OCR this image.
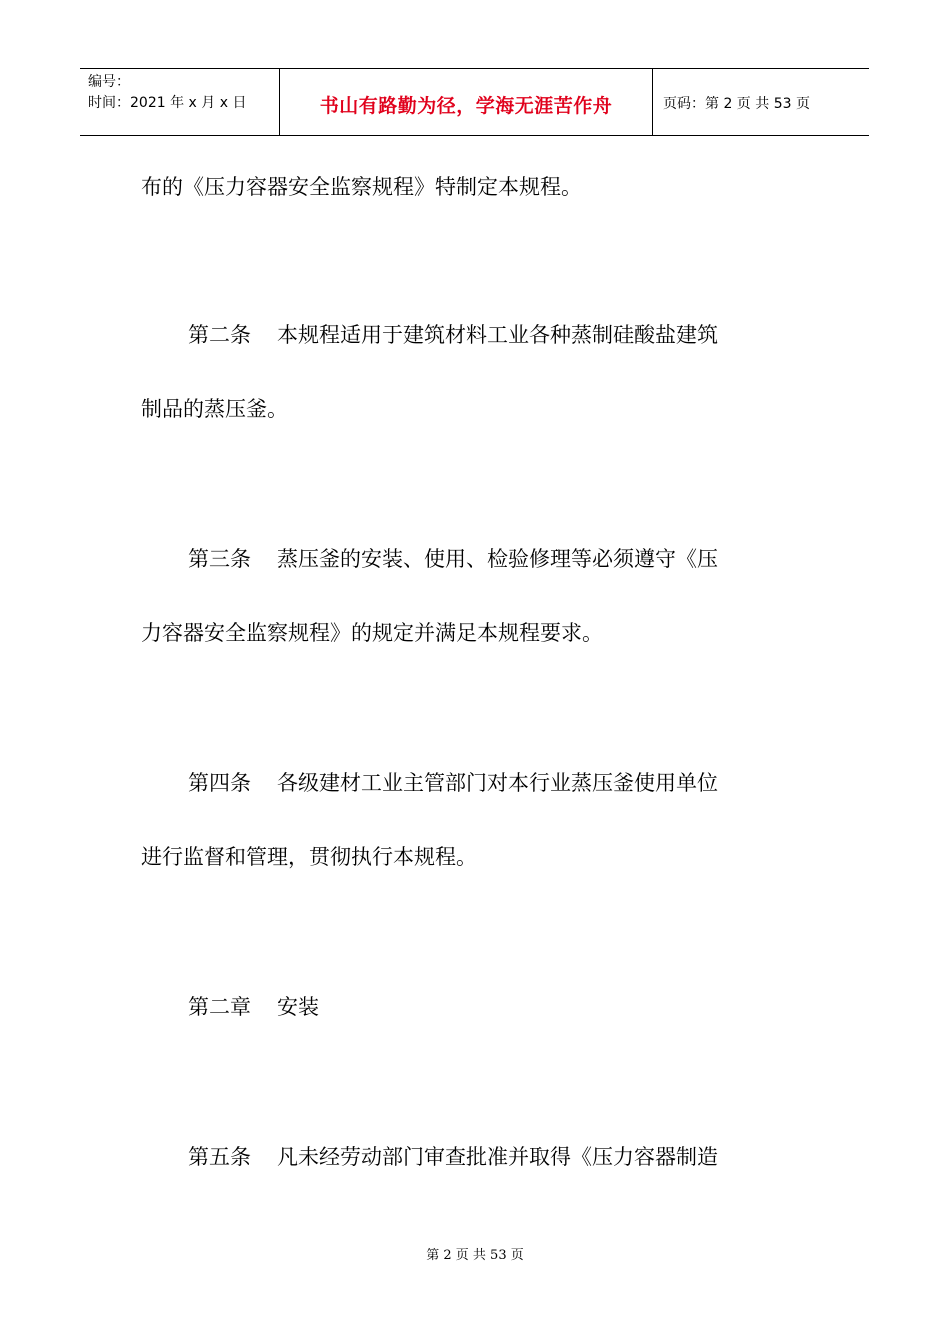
编号：
时间：2021 年 x 月 x 日	书山有路勤为径，学海无涯苦作舟	页码：第 2 页 共 53 页

布的《压力容器安全监察规程》特制定本规程。

第二条 本规程适用于建筑材料工业各种蒸制硅酸盐建筑
制品的蒸压釜。

第三条 蒸压釜的安装、使用、检验修理等必须遵守《压
力容器安全监察规程》的规定并满足本规程要求。

第四条 各级建材工业主管部门对本行业蒸压釜使用单位
进行监督和管理，贯彻执行本规程。

第二章 安装

第五条 凡未经劳动部门审查批准并取得《压力容器制造

第 2 页 共 53 页
